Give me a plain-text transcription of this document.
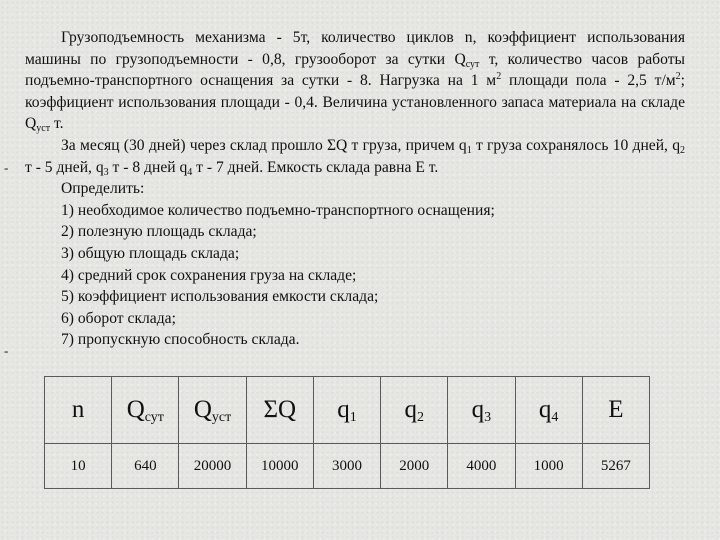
Грузоподъемность механизма - 5т, количество циклов n, коэффициент использования машины по грузоподъемности - 0,8, грузооборот за сутки $Q_{сут}$ т, количество часов работы подъемно-транспортного оснащения за сутки - 8. Нагрузка на 1 $м^2$ площади пола - 2,5 $т/м^2$; коэффициент использования площади - 0,4. Величина установленного запаса материала на складе $Q_{уст}$ т.

За месяц (30 дней) через склад прошло ΣQ т груза, причем $q_1$ т груза сохранялось 10 дней, $q_2$ т - 5 дней, $q_3$ т - 8 дней $q_4$ т - 7 дней. Емкость склада равна Е т.

Определить:

1) необходимое количество подъемно-транспортного оснащения;

2) полезную площадь склада;

3) общую площадь склада;

4) средний срок сохранения груза на складе;

5) коэффициент использования емкости склада;

6) оборот склада;

7) пропускную способность склада.

-
-
n	$Q_{сут}$	$Q_{уст}$	ΣQ	$q_1$	$q_2$	$q_3$	$q_4$	E
10	640	20000	10000	3000	2000	4000	1000	5267
